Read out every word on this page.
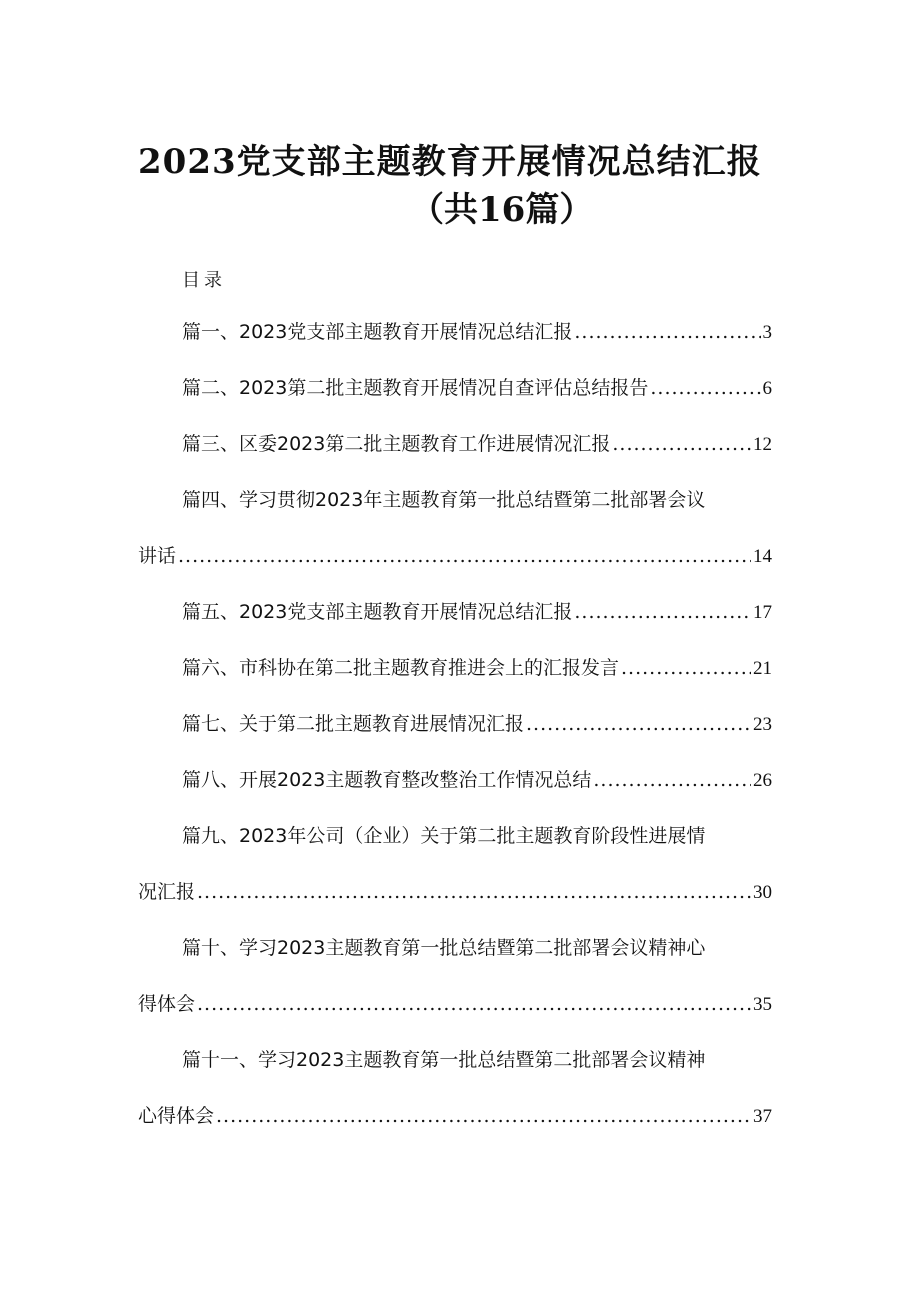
2023党支部主题教育开展情况总结汇报
（共16篇）
目录
篇一、2023党支部主题教育开展情况总结汇报 .....	3
篇二、2023第二批主题教育开展情况自查评估总结报告 .....	6
篇三、区委2023第二批主题教育工作进展情况汇报 .....	12
篇四、学习贯彻2023年主题教育第一批总结暨第二批部署会议
讲话 .....	14
篇五、2023党支部主题教育开展情况总结汇报 .....	17
篇六、市科协在第二批主题教育推进会上的汇报发言 .....	21
篇七、关于第二批主题教育进展情况汇报 .....	23
篇八、开展2023主题教育整改整治工作情况总结 .....	26
篇九、2023年公司（企业）关于第二批主题教育阶段性进展情
况汇报 .....	30
篇十、学习2023主题教育第一批总结暨第二批部署会议精神心
得体会 .....	35
篇十一、学习2023主题教育第一批总结暨第二批部署会议精神
心得体会 .....	37
